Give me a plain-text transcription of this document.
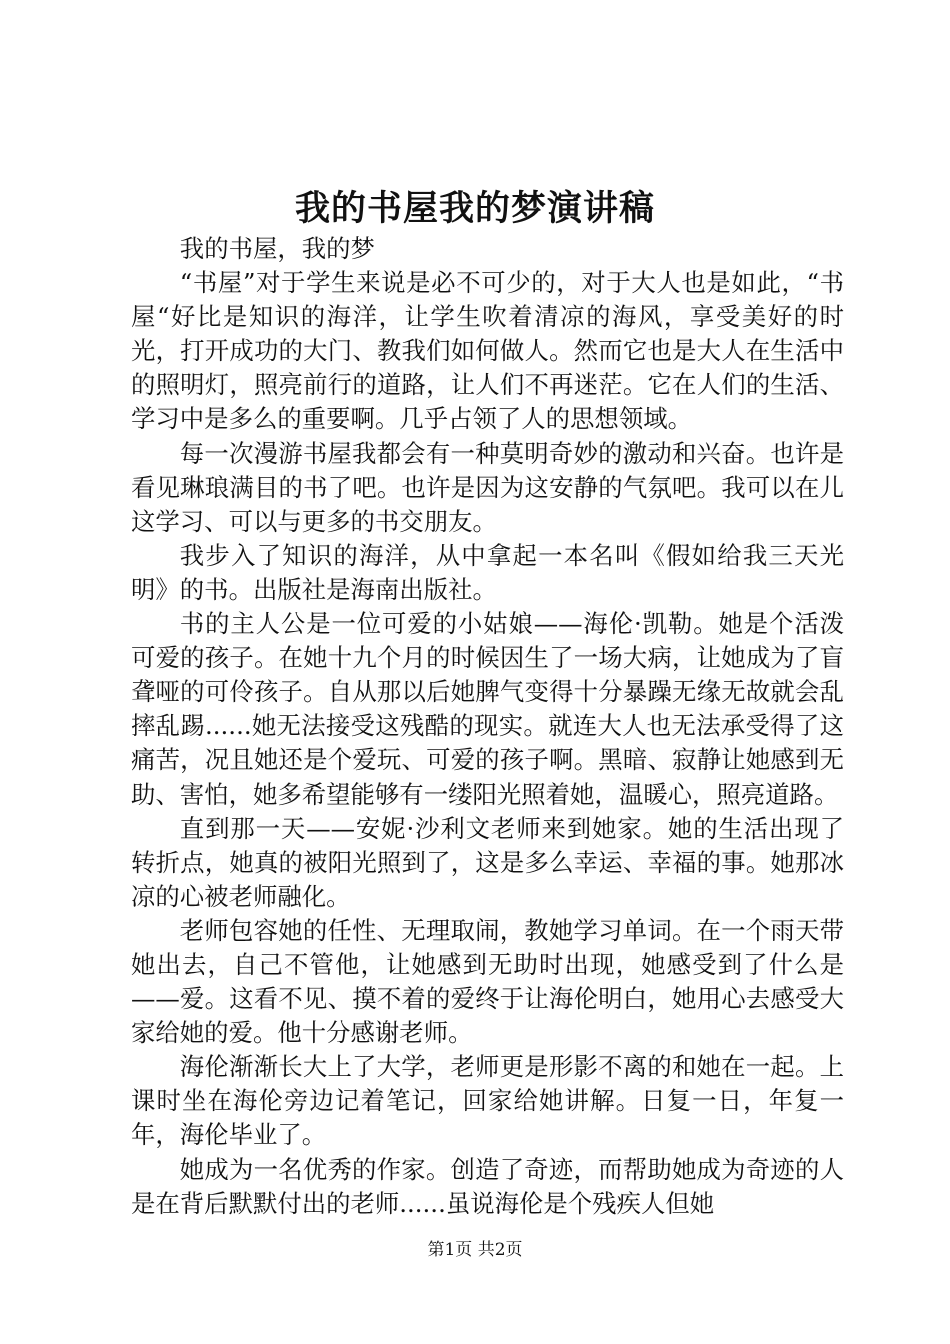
我的书屋我的梦演讲稿

我的书屋，我的梦

“书屋”对于学生来说是必不可少的，对于大人也是如此，“书屋“好比是知识的海洋，让学生吹着清凉的海风，享受美好的时光，打开成功的大门、教我们如何做人。然而它也是大人在生活中的照明灯，照亮前行的道路，让人们不再迷茫。它在人们的生活、学习中是多么的重要啊。几乎占领了人的思想领域。

每一次漫游书屋我都会有一种莫明奇妙的激动和兴奋。也许是看见琳琅满目的书了吧。也许是因为这安静的气氛吧。我可以在儿这学习、可以与更多的书交朋友。

我步入了知识的海洋，从中拿起一本名叫《假如给我三天光明》的书。出版社是海南出版社。

书的主人公是一位可爱的小姑娘——海伦·凯勒。她是个活泼可爱的孩子。在她十九个月的时候因生了一场大病，让她成为了盲聋哑的可伶孩子。自从那以后她脾气变得十分暴躁无缘无故就会乱摔乱踢......她无法接受这残酷的现实。就连大人也无法承受得了这痛苦，况且她还是个爱玩、可爱的孩子啊。黑暗、寂静让她感到无助、害怕，她多希望能够有一缕阳光照着她，温暖心，照亮道路。

直到那一天——安妮·沙利文老师来到她家。她的生活出现了转折点，她真的被阳光照到了，这是多么幸运、幸福的事。她那冰凉的心被老师融化。

老师包容她的任性、无理取闹，教她学习单词。在一个雨天带她出去，自己不管他，让她感到无助时出现，她感受到了什么是——爱。这看不见、摸不着的爱终于让海伦明白，她用心去感受大家给她的爱。他十分感谢老师。

海伦渐渐长大上了大学，老师更是形影不离的和她在一起。上课时坐在海伦旁边记着笔记，回家给她讲解。日复一日，年复一年，海伦毕业了。

她成为一名优秀的作家。创造了奇迹，而帮助她成为奇迹的人是在背后默默付出的老师......虽说海伦是个残疾人但她

第1页 共2页
